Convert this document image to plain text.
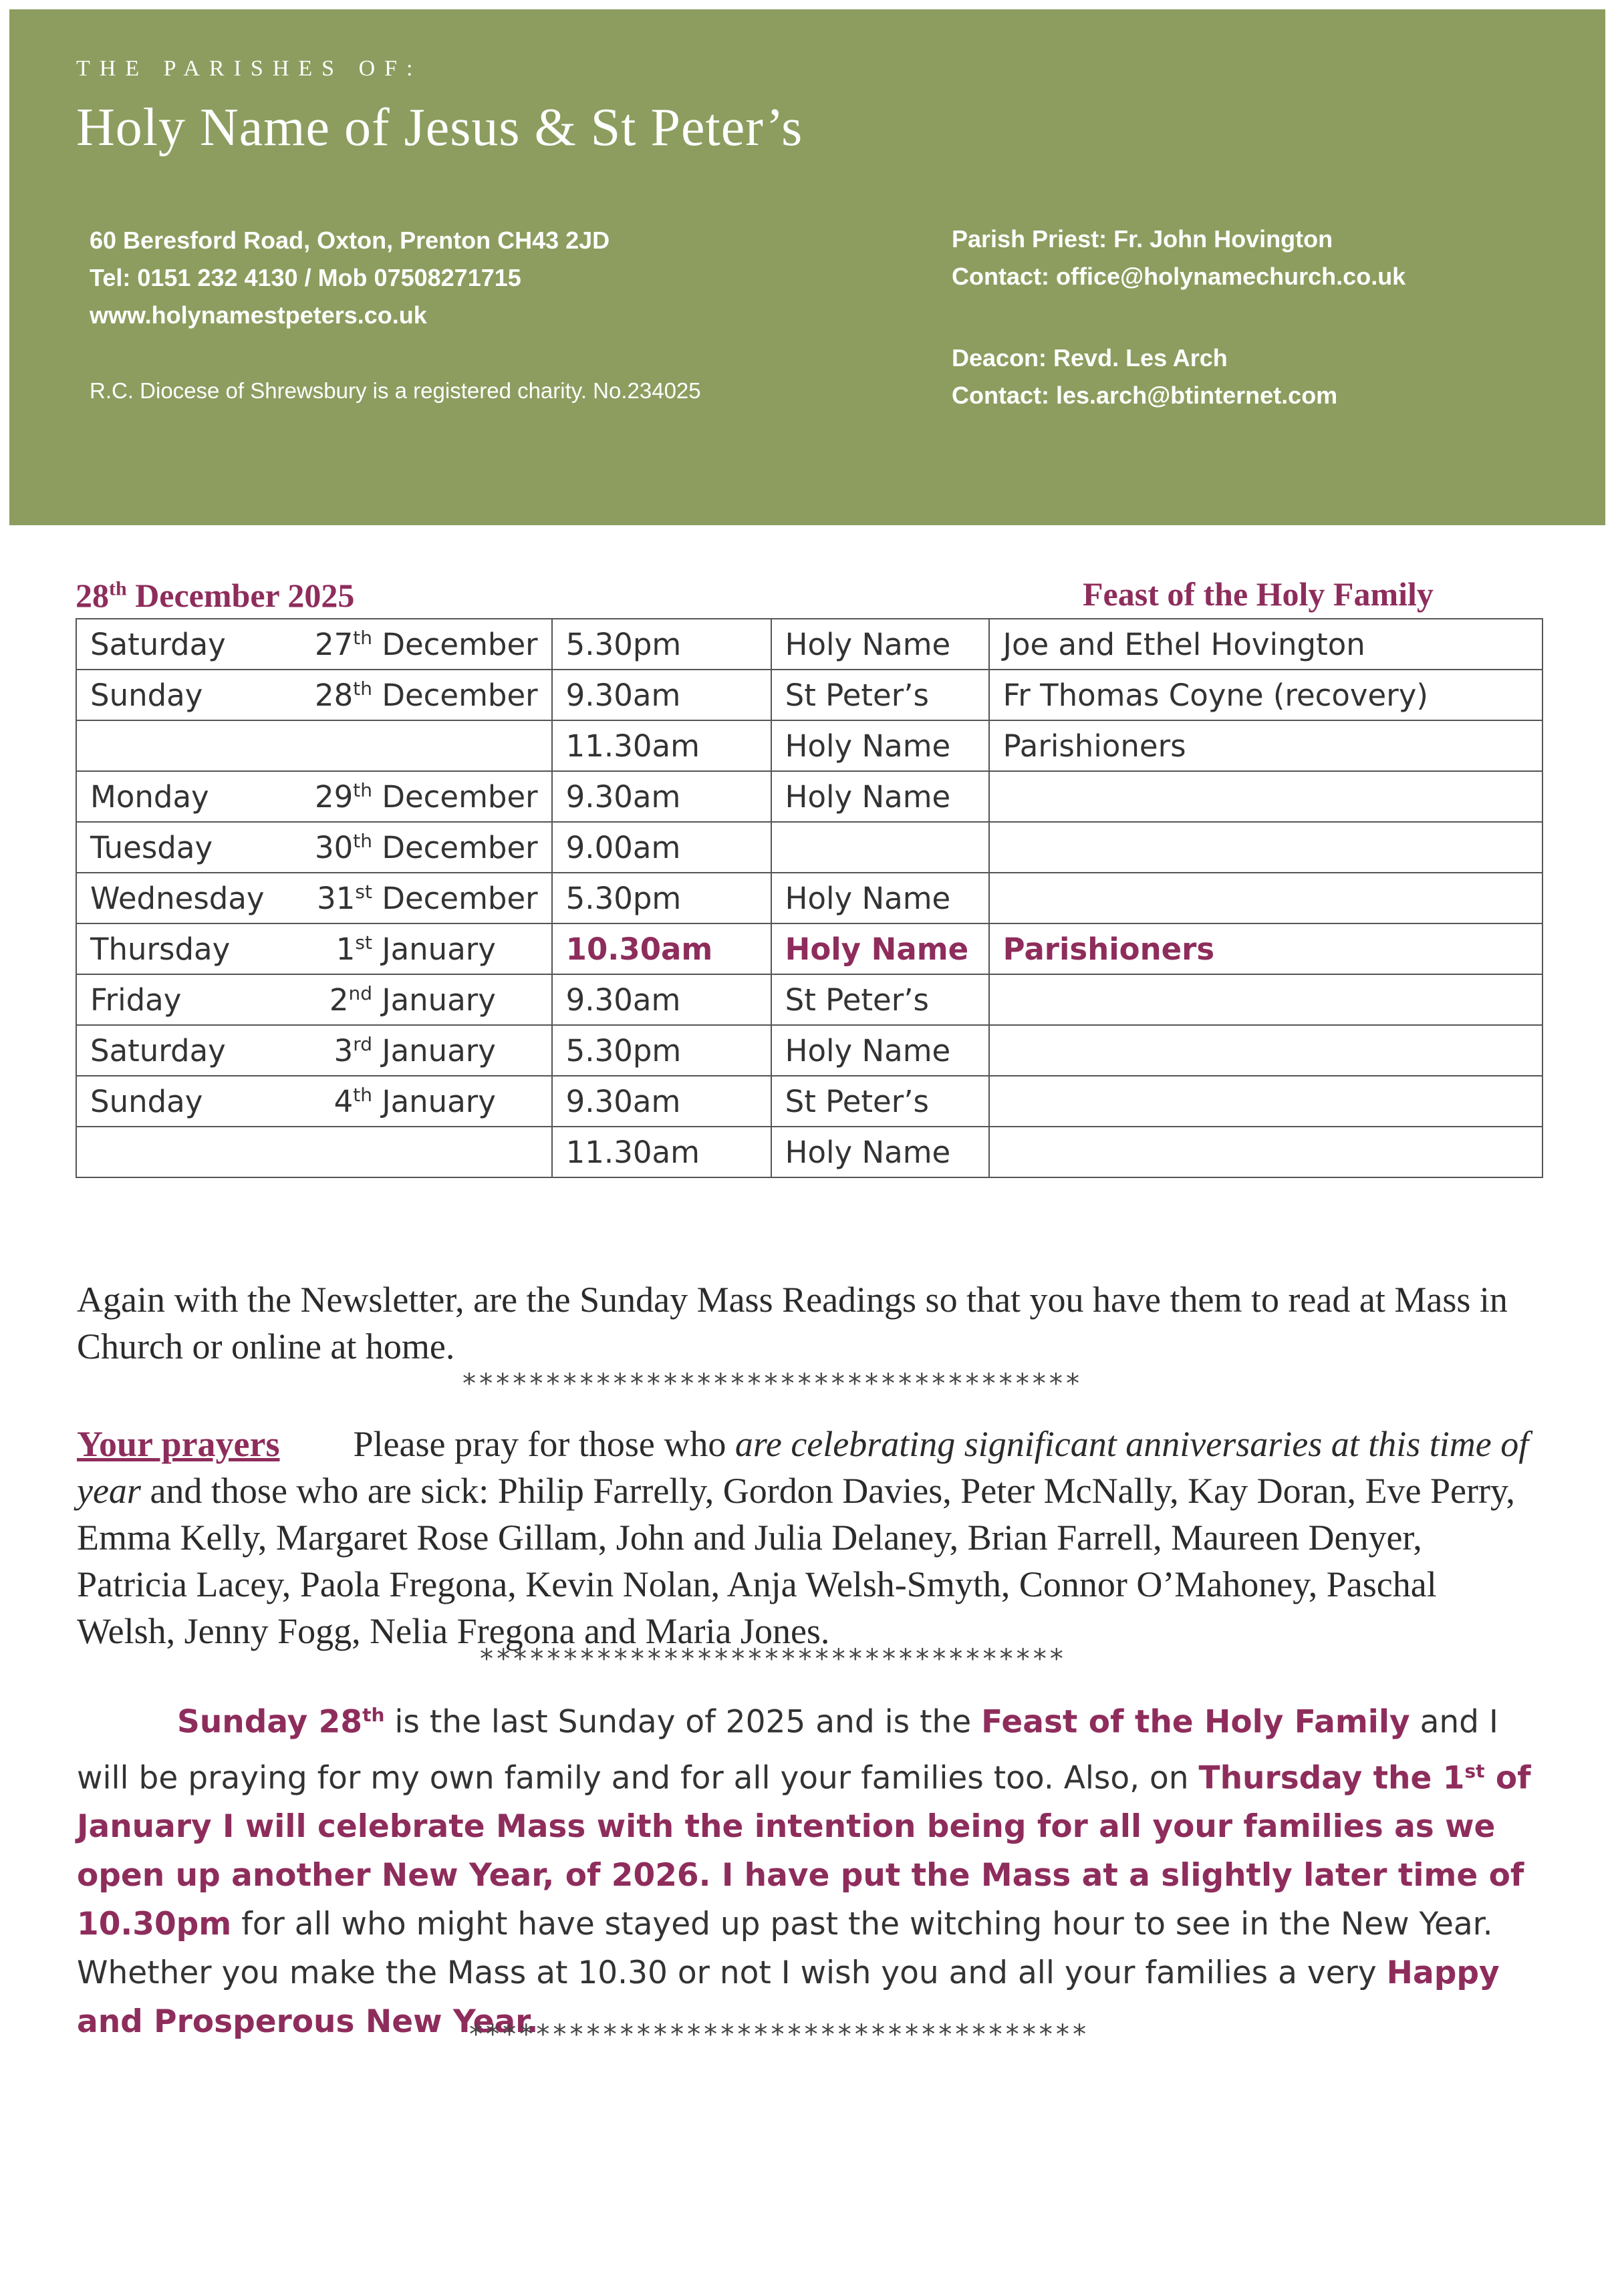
THE PARISHES OF:
Holy Name of Jesus & St Peter’s
60 Beresford Road, Oxton, Prenton CH43 2JD
Tel: 0151 232 4130 / Mob 07508271715
www.holynamestpeters.co.uk
R.C. Diocese of Shrewsbury is a registered charity. No.234025
Parish Priest: Fr. John Hovington
Contact: office@holynamechurch.co.uk
Deacon: Revd. Les Arch
Contact: les.arch@btinternet.com
28th December 2025	Feast of the Holy Family
Saturday	27th December	5.30pm	Holy Name	Joe and Ethel Hovington
Sunday	28th December	9.30am	St Peter’s	Fr Thomas Coyne (recovery)
		11.30am	Holy Name	Parishioners
Monday	29th December	9.30am	Holy Name	
Tuesday	30th December	9.00am		
Wednesday	31st December	5.30pm	Holy Name	
Thursday	1st January	10.30am	Holy Name	Parishioners
Friday	2nd January	9.30am	St Peter’s	
Saturday	3rd January	5.30pm	Holy Name	
Sunday	4th January	9.30am	St Peter’s	
		11.30am	Holy Name	
Again with the Newsletter, are the Sunday Mass Readings so that you have them to read at Mass in Church or online at home.
*************************************
Your prayers Please pray for those who are celebrating significant anniversaries at this time of year and those who are sick: Philip Farrelly, Gordon Davies, Peter McNally, Kay Doran, Eve Perry, Emma Kelly, Margaret Rose Gillam, John and Julia Delaney, Brian Farrell, Maureen Denyer, Patricia Lacey, Paola Fregona, Kevin Nolan, Anja Welsh-Smyth, Connor O’Mahoney, Paschal Welsh, Jenny Fogg, Nelia Fregona and Maria Jones.
***********************************
Sunday 28th is the last Sunday of 2025 and is the Feast of the Holy Family and I will be praying for my own family and for all your families too. Also, on Thursday the 1st of January I will celebrate Mass with the intention being for all your families as we open up another New Year, of 2026. I have put the Mass at a slightly later time of 10.30pm for all who might have stayed up past the witching hour to see in the New Year. Whether you make the Mass at 10.30 or not I wish you and all your families a very Happy and Prosperous New Year.
*************************************
